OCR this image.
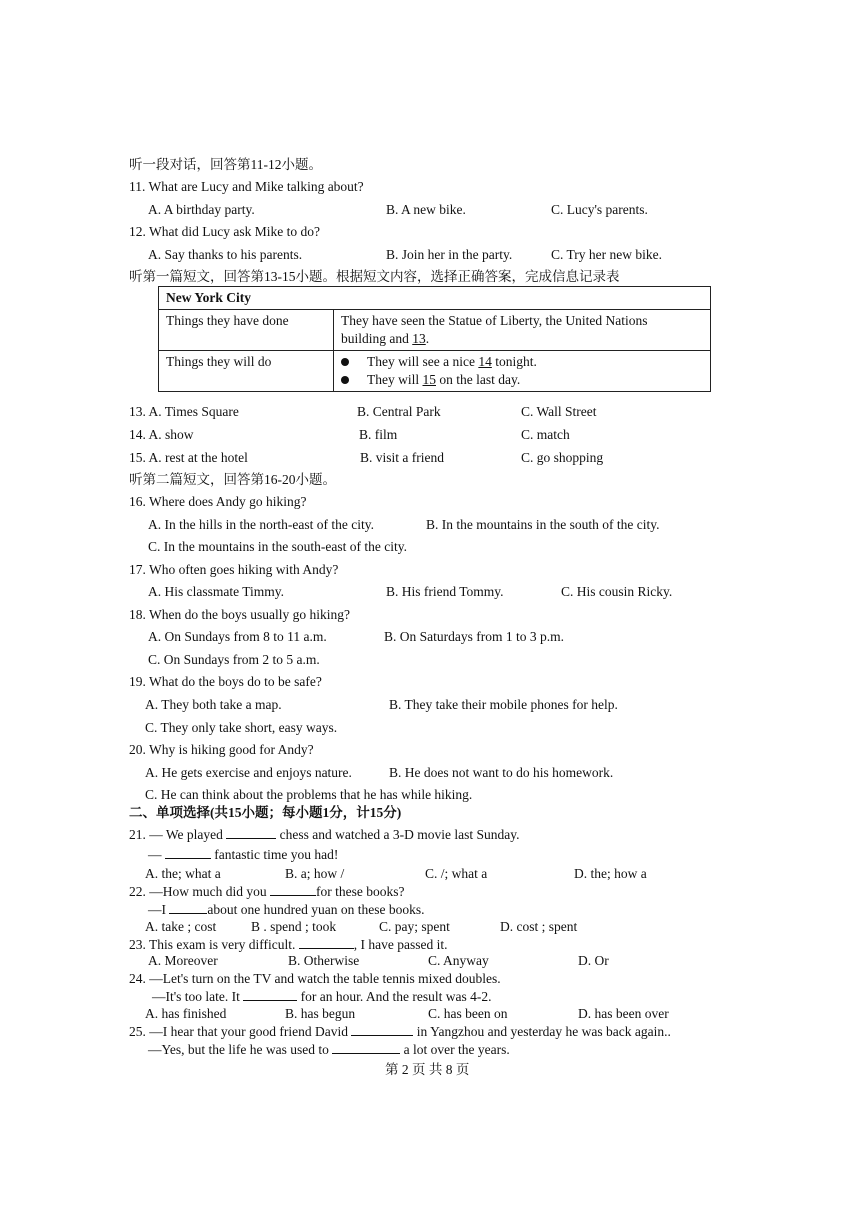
听一段对话，回答第11-12小题。
11. What are Lucy and Mike talking about?
A. A birthday party.	B. A new bike.	C. Lucy's parents.
12. What did Lucy ask Mike to do?
A. Say thanks to his parents.	B. Join her in the party.	C. Try her new bike.
听第一篇短文，回答第13-15小题。根据短文内容，选择正确答案，完成信息记录表
New York City	
Things they have done	They have seen the Statue of Liberty, the United Nations
building and 13.
Things they will do	They will see a nice 14 tonight.
They will 15 on the last day.
13. A. Times Square	B. Central Park	C. Wall Street
14. A. show	B. film	C. match
15. A. rest at the hotel	B. visit a friend	C. go shopping
听第二篇短文，回答第16-20小题。
16. Where does Andy go hiking?
A. In the hills in the north-east of the city.	B. In the mountains in the south of the city.
C. In the mountains in the south-east of the city.
17. Who often goes hiking with Andy?
A. His classmate Timmy.	B. His friend Tommy.	C. His cousin Ricky.
18. When do the boys usually go hiking?
A. On Sundays from 8 to 11 a.m.	B. On Saturdays from 1 to 3 p.m.
C. On Sundays from 2 to 5 a.m.
19. What do the boys do to be safe?
A. They both take a map.	B. They take their mobile phones for help.
C. They only take short, easy ways.
20. Why is hiking good for Andy?
A. He gets exercise and enjoys nature.	B. He does not want to do his homework.
C. He can think about the problems that he has while hiking.
二、单项选择(共15小题；每小题1分，计15分)
21. — We played	chess and watched a 3-D movie last Sunday.
—	fantastic time you had!
A. the; what a	B. a; how /	C. /; what a	D. the; how a
22. —How much did you	for these books?
—I	about one hundred yuan on these books.
A. take ; cost	B . spend ; took	C. pay; spent	D. cost ; spent
23. This exam is very difficult.	, I have passed it.
A. Moreover	B. Otherwise	C. Anyway	D. Or
24. —Let's turn on the TV and watch the table tennis mixed doubles.
—It's too late. It	for an hour. And the result was 4-2.
A. has finished	B. has begun	C. has been on	D. has been over
25. —I hear that your good friend David	in Yangzhou and yesterday he was back again..
—Yes, but the life he was used to	a lot over the years.
第 2 页 共 8 页
